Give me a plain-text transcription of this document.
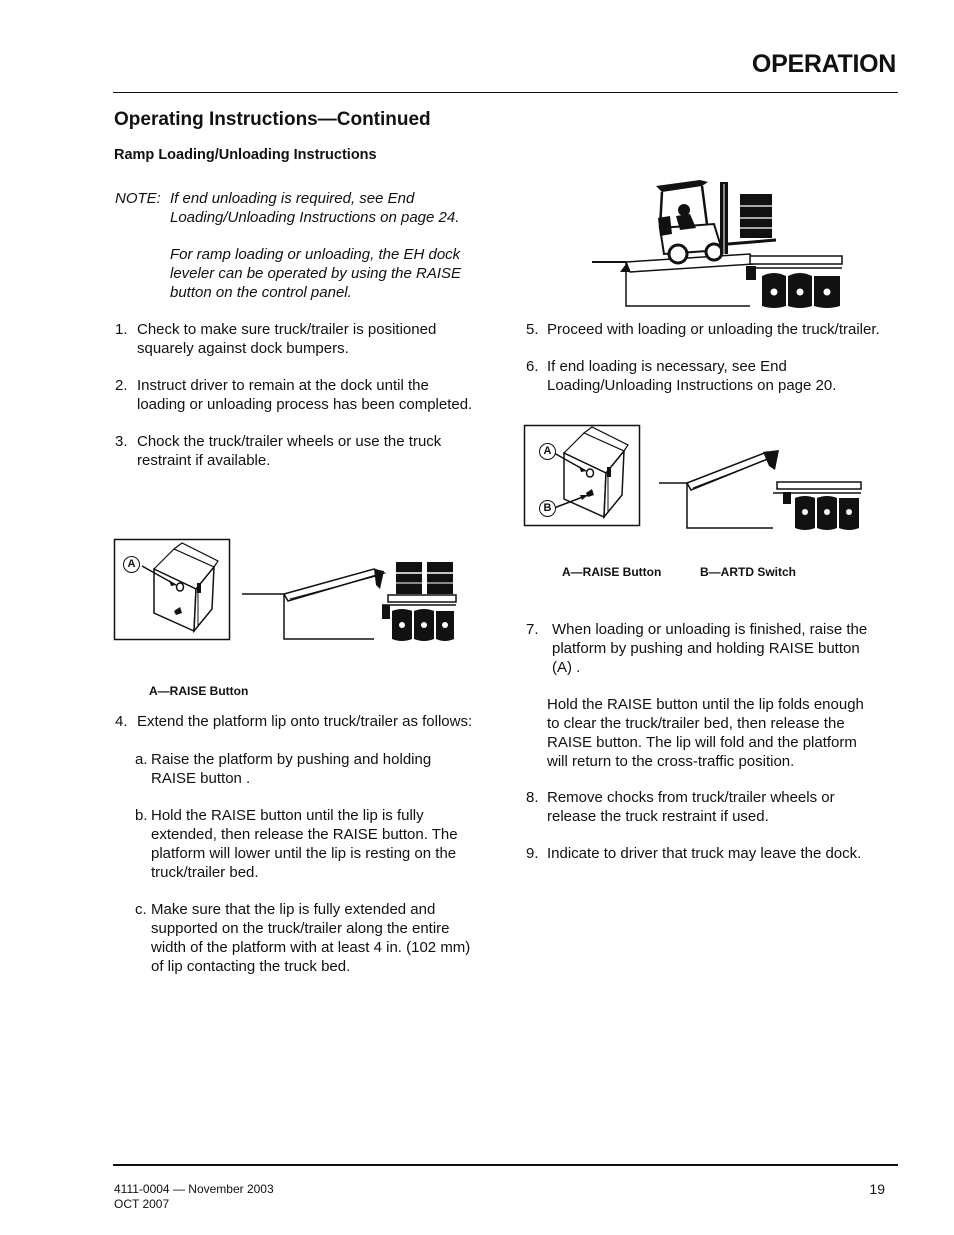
OPERATION
Operating Instructions—Continued
Ramp Loading/Unloading Instructions
NOTE: If end unloading is required, see End
Loading/Unloading Instructions on page 24.
For ramp loading or unloading, the EH dock
leveler can be operated by using the RAISE
button on the control panel.
1. Check to make sure truck/trailer is positioned
squarely against dock bumpers.
2. Instruct driver to remain at the dock until the
loading or unloading process has been completed.
3. Chock the truck/trailer wheels or use the truck
restraint if available.
A
A—RAISE Button
4. Extend the platform lip onto truck/trailer as follows:
a. Raise the platform by pushing and holding
RAISE button .
b. Hold the RAISE button until the lip is fully
extended, then release the RAISE button. The
platform will lower until the lip is resting on the
truck/trailer bed.
c. Make sure that the lip is fully extended and
supported on the truck/trailer along the entire
width of the platform with at least 4 in. (102 mm)
of lip contacting the truck bed.
5. Proceed with loading or unloading the truck/trailer.
6. If end loading is necessary, see End
Loading/Unloading Instructions on page 20.
A
B
A—RAISE Button	B—ARTD Switch
7. When loading or unloading is finished, raise the
platform by pushing and holding RAISE button
(A) .
Hold the RAISE button until the lip folds enough
to clear the truck/trailer bed, then release the
RAISE button. The lip will fold and the platform
will return to the cross-traffic position.
8. Remove chocks from truck/trailer wheels or
release the truck restraint if used.
9. Indicate to driver that truck may leave the dock.
4111-0004 — November 2003
OCT 2007
19
